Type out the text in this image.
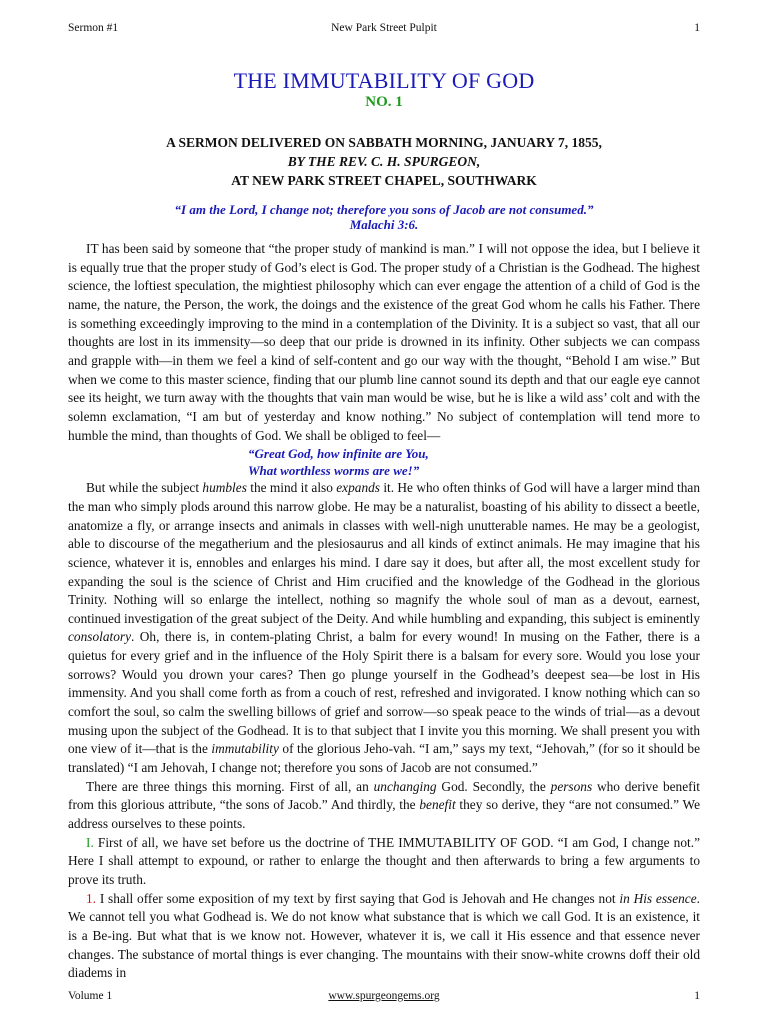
Sermon #1	New Park Street Pulpit	1
THE IMMUTABILITY OF GOD
NO. 1
A SERMON DELIVERED ON SABBATH MORNING, JANUARY 7, 1855,
BY THE REV. C. H. SPURGEON,
AT NEW PARK STREET CHAPEL, SOUTHWARK
“I am the Lord, I change not; therefore you sons of Jacob are not consumed.”
Malachi 3:6.

IT has been said by someone that “the proper study of mankind is man.” I will not oppose the idea, but I believe it is equally true that the proper study of God’s elect is God. The proper study of a Christian is the Godhead. The highest science, the loftiest speculation, the mightiest philosophy which can ever engage the attention of a child of God is the name, the nature, the Person, the work, the doings and the existence of the great God whom he calls his Father. There is something exceedingly improving to the mind in a contemplation of the Divinity. It is a subject so vast, that all our thoughts are lost in its immensity—so deep that our pride is drowned in its infinity. Other subjects we can compass and grapple with—in them we feel a kind of self-content and go our way with the thought, “Behold I am wise.” But when we come to this master science, finding that our plumb line cannot sound its depth and that our eagle eye cannot see its height, we turn away with the thoughts that vain man would be wise, but he is like a wild ass’ colt and with the solemn exclamation, “I am but of yesterday and know nothing.” No subject of contemplation will tend more to humble the mind, than thoughts of God. We shall be obliged to feel—

“Great God, how infinite are You,
What worthless worms are we!”

But while the subject humbles the mind it also expands it. He who often thinks of God will have a larger mind than the man who simply plods around this narrow globe. He may be a naturalist, boasting of his ability to dissect a beetle, anatomize a fly, or arrange insects and animals in classes with well-nigh unutterable names. He may be a geologist, able to discourse of the megatherium and the plesiosaurus and all kinds of extinct animals. He may imagine that his science, whatever it is, ennobles and enlarges his mind. I dare say it does, but after all, the most excellent study for expanding the soul is the science of Christ and Him crucified and the knowledge of the Godhead in the glorious Trinity. Nothing will so enlarge the intellect, nothing so magnify the whole soul of man as a devout, earnest, continued investigation of the great subject of the Deity. And while humbling and expanding, this subject is eminently consolatory. Oh, there is, in contem-plating Christ, a balm for every wound! In musing on the Father, there is a quietus for every grief and in the influence of the Holy Spirit there is a balsam for every sore. Would you lose your sorrows? Would you drown your cares? Then go plunge yourself in the Godhead’s deepest sea—be lost in His immensity. And you shall come forth as from a couch of rest, refreshed and invigorated. I know nothing which can so comfort the soul, so calm the swelling billows of grief and sorrow—so speak peace to the winds of trial—as a devout musing upon the subject of the Godhead. It is to that subject that I invite you this morning. We shall present you with one view of it—that is the immutability of the glorious Jeho-vah. “I am,” says my text, “Jehovah,” (for so it should be translated) “I am Jehovah, I change not; therefore you sons of Jacob are not consumed.”

There are three things this morning. First of all, an unchanging God. Secondly, the persons who derive benefit from this glorious attribute, “the sons of Jacob.” And thirdly, the benefit they so derive, they “are not consumed.” We address ourselves to these points.

I. First of all, we have set before us the doctrine of THE IMMUTABILITY OF GOD. “I am God, I change not.” Here I shall attempt to expound, or rather to enlarge the thought and then afterwards to bring a few arguments to prove its truth.

1. I shall offer some exposition of my text by first saying that God is Jehovah and He changes not in His essence. We cannot tell you what Godhead is. We do not know what substance that is which we call God. It is an existence, it is a Be-ing. But what that is we know not. However, whatever it is, we call it His essence and that essence never changes. The substance of mortal things is ever changing. The mountains with their snow-white crowns doff their old diadems in

Volume 1	www.spurgeongems.org	1
